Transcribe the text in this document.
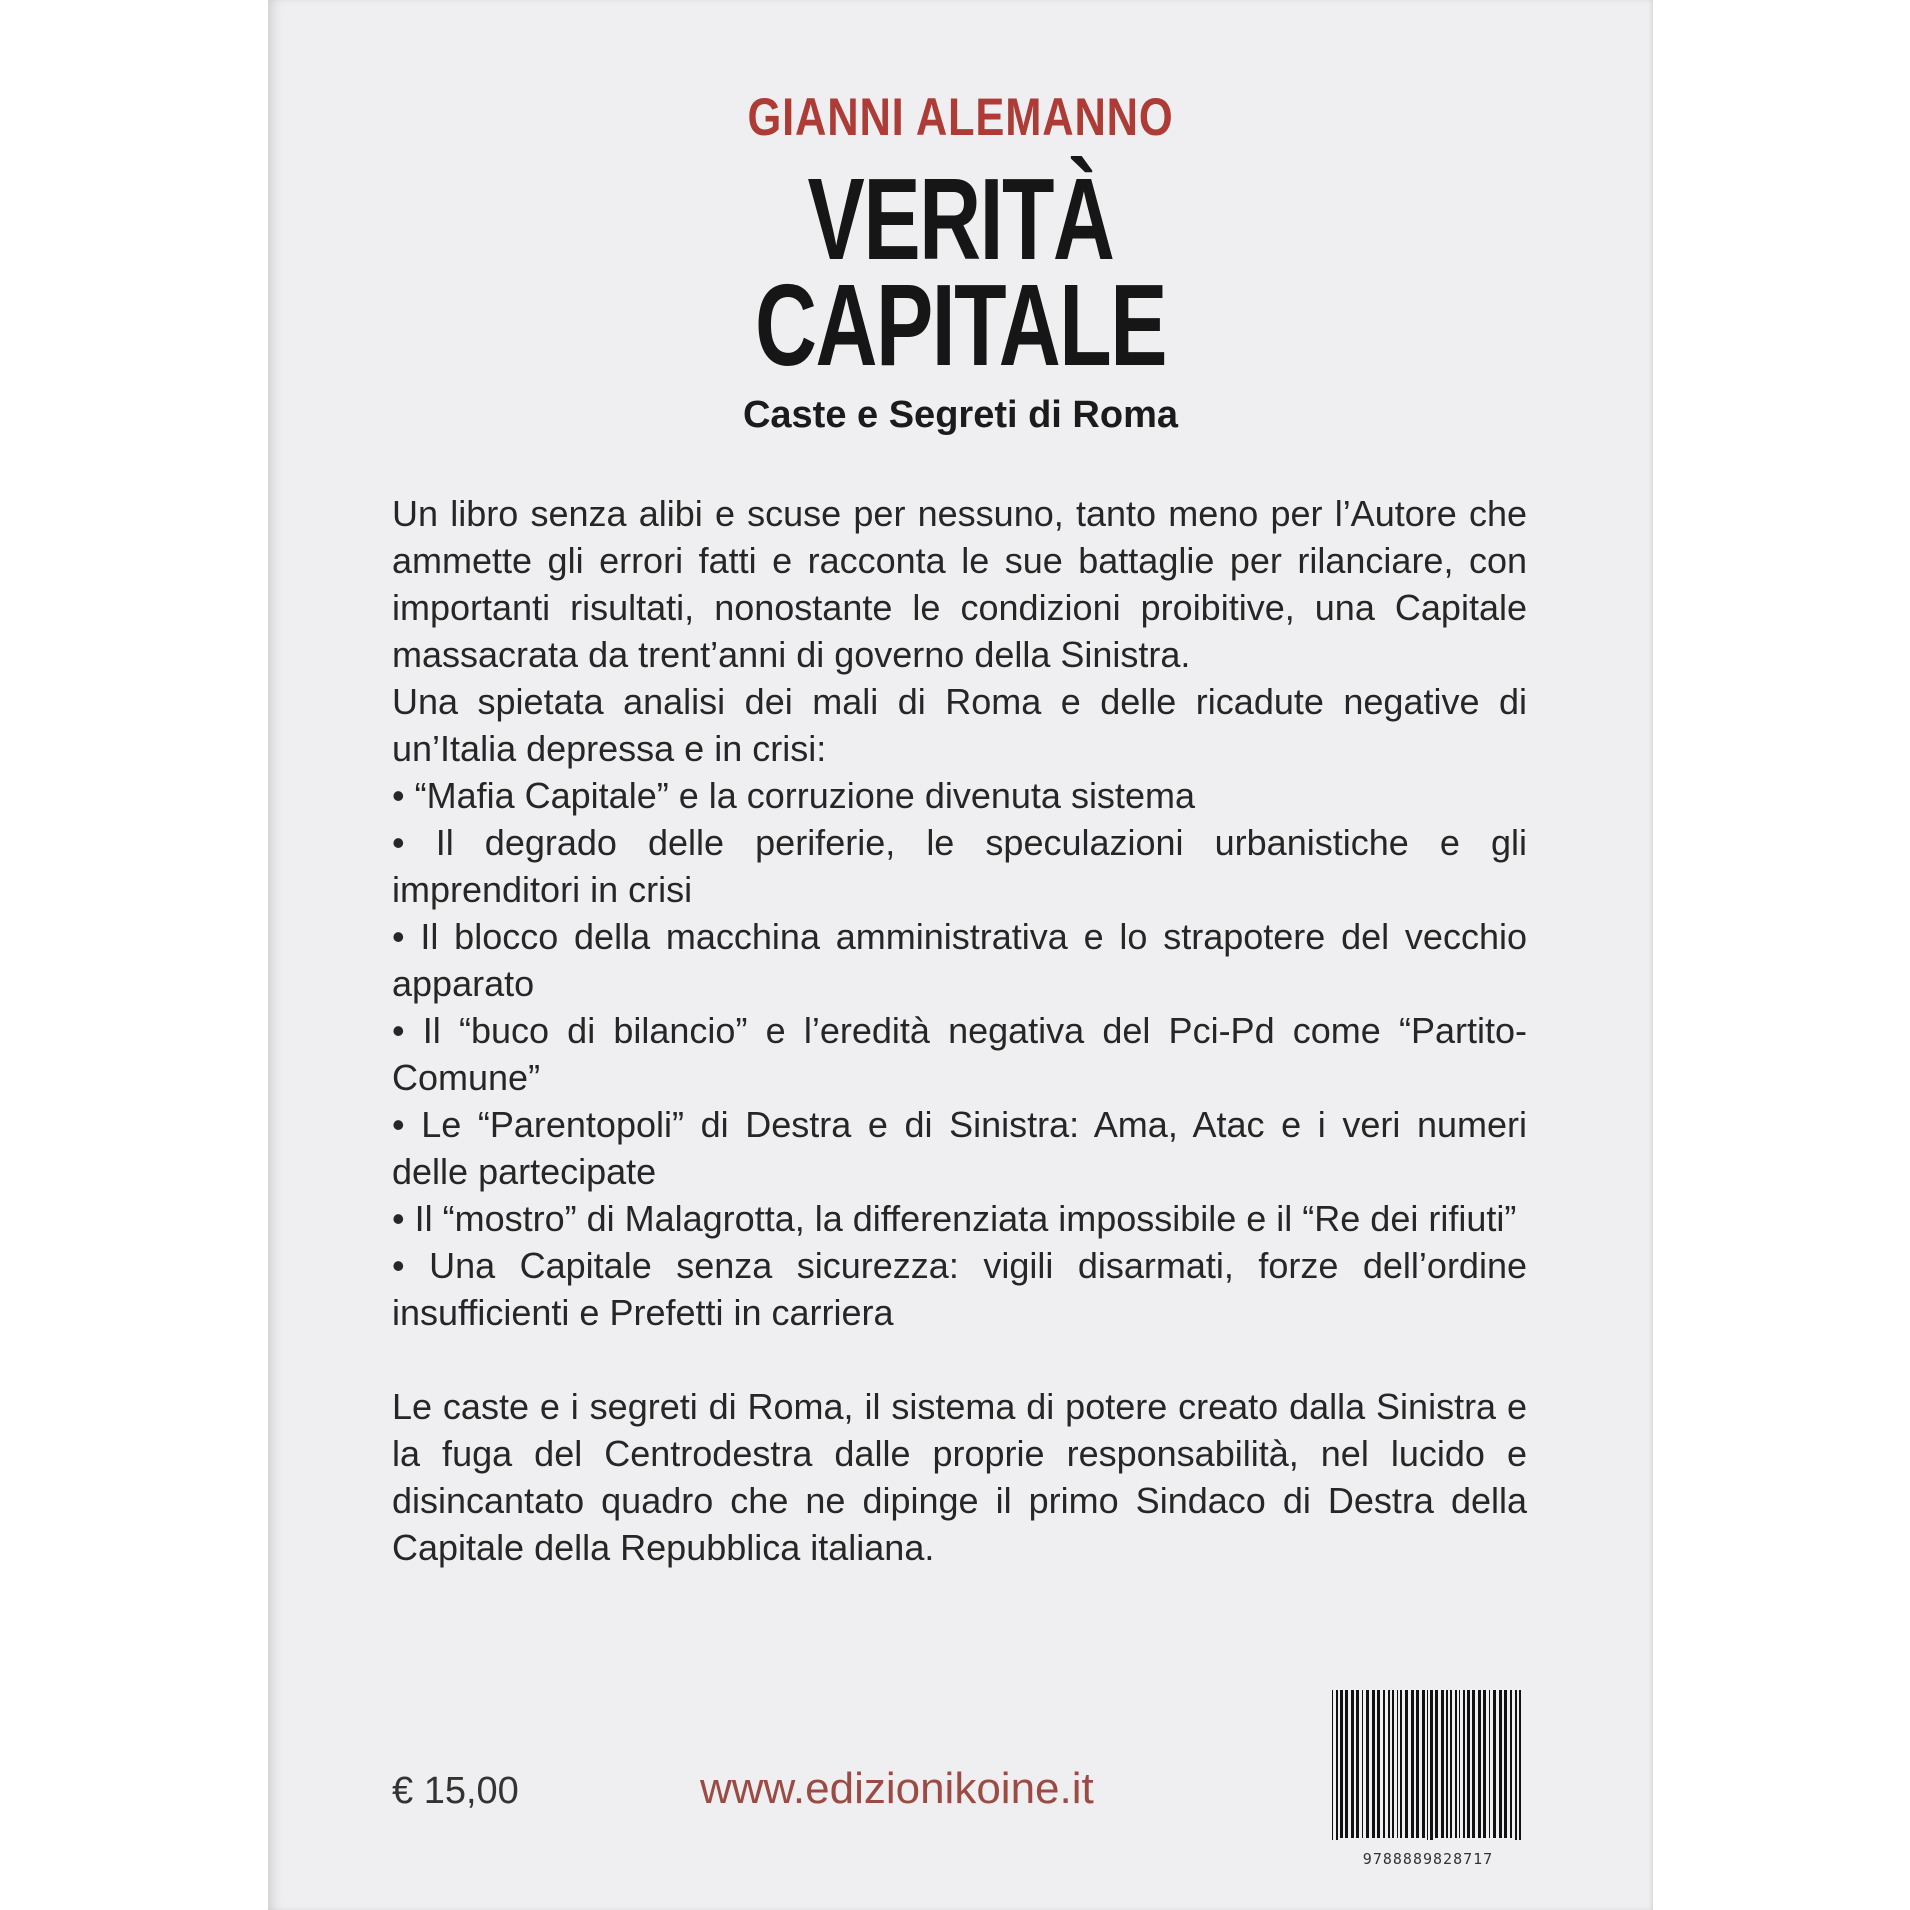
GIANNI ALEMANNO
VERITÀ
CAPITALE
Caste e Segreti di Roma

Un libro senza alibi e scuse per nessuno, tanto meno per l’Autore che ammette gli errori fatti e racconta le sue battaglie per rilanciare, con importanti risultati, nonostante le condizioni proibitive, una Capitale massacrata da trent’anni di governo della Sinistra.

Una spietata analisi dei mali di Roma e delle ricadute negative di un’Italia depressa e in crisi:

• “Mafia Capitale” e la corruzione divenuta sistema

• Il degrado delle periferie, le speculazioni urbanistiche e gli imprenditori in crisi

• Il blocco della macchina amministrativa e lo strapotere del vecchio apparato

• Il “buco di bilancio” e l’eredità negativa del Pci-Pd come “Partito-Comune”

• Le “Parentopoli” di Destra e di Sinistra: Ama, Atac e i veri numeri delle partecipate

• Il “mostro” di Malagrotta, la differenziata impossibile e il “Re dei rifiuti”

• Una Capitale senza sicurezza: vigili disarmati, forze dell’ordine insufficienti e Prefetti in carriera

Le caste e i segreti di Roma, il sistema di potere creato dalla Sinistra e la fuga del Centrodestra dalle proprie responsabilità, nel lucido e disincantato quadro che ne dipinge il primo Sindaco di Destra della Capitale della Repubblica italiana.

€ 15,00	www.edizionikoine.it
9788889828717
